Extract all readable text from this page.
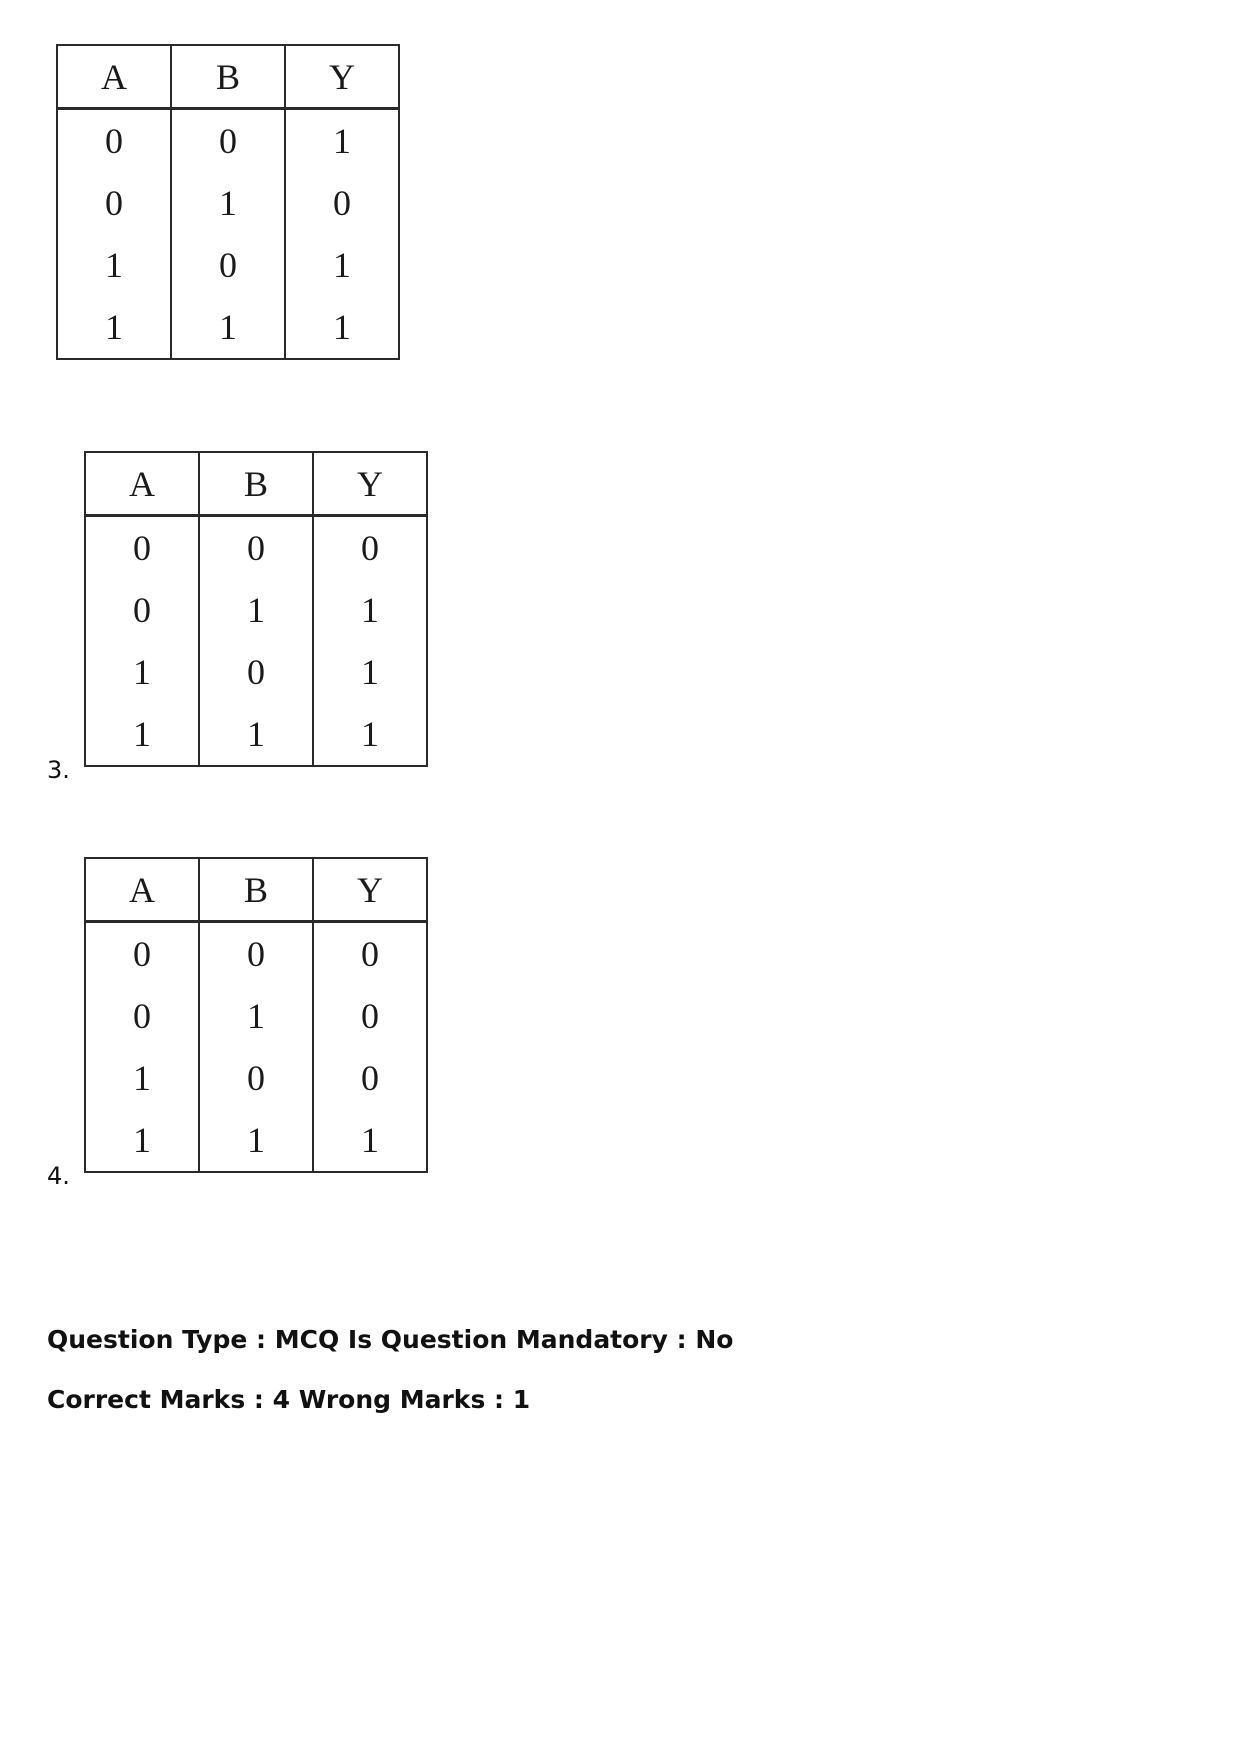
A	B	Y
0	0	1
0	1	0
1	0	1
1	1	1
3.
A	B	Y
0	0	0
0	1	1
1	0	1
1	1	1
4.
A	B	Y
0	0	0
0	1	0
1	0	0
1	1	1
Question Type : MCQ Is Question Mandatory : No
Correct Marks : 4 Wrong Marks : 1
